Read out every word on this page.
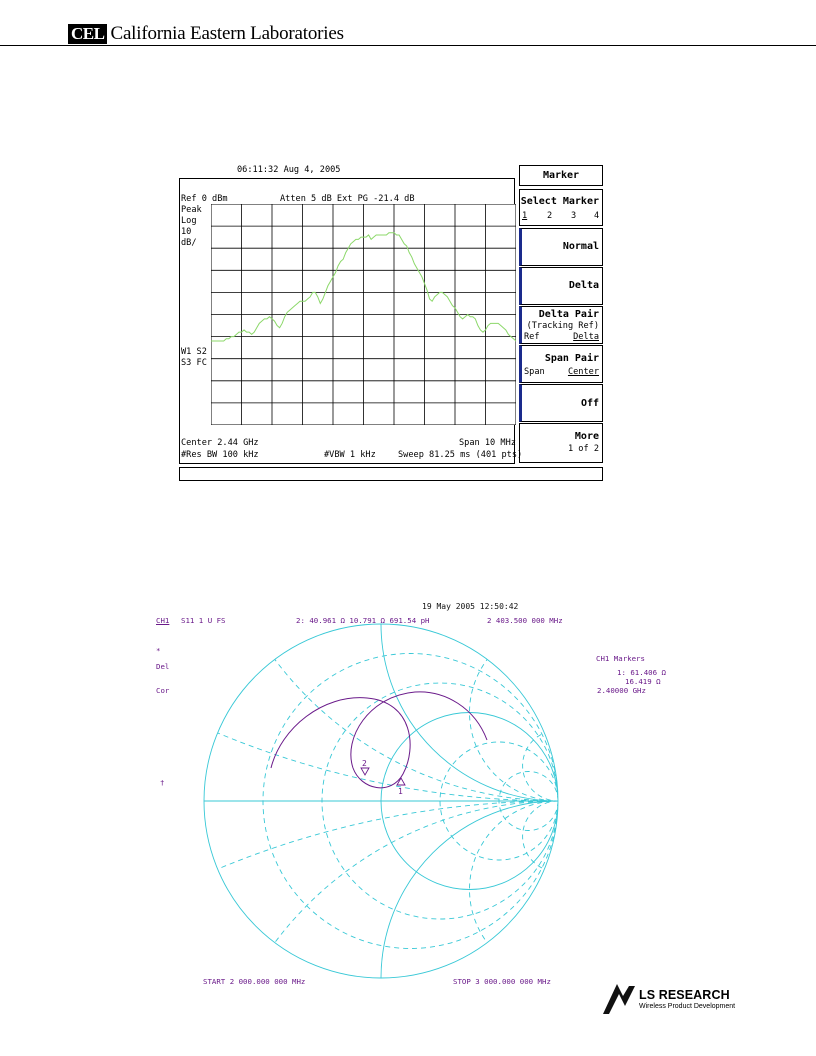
CEL California Eastern Laboratories
06:11:32 Aug 4, 2005
Ref 0 dBm	Atten 5 dB Ext PG -21.4 dB
Peak
Log
10
dB/
W1 S2
S3 FC
Center 2.44 GHz	Span 10 MHz
#Res BW 100 kHz	#VBW 1 kHz	Sweep 81.25 ms (401 pts)
Marker
Select Marker
1 2 3 4
Normal
Delta
Delta Pair
(Tracking Ref)
Ref	Delta
Span Pair
Span	Center
Off
More
1 of 2
19 May 2005 12:50:42
CH1 S11 1 U FS	2: 40.961 Ω 10.791 Ω 691.54 pH	2 403.500 000 MHz
*
Del
Cor
†
CH1 Markers
1: 61.406 Ω
16.419 Ω
2.40000 GHz
2
1
START 2 000.000 000 MHz	STOP 3 000.000 000 MHz
LS RESEARCH
Wireless Product Development
